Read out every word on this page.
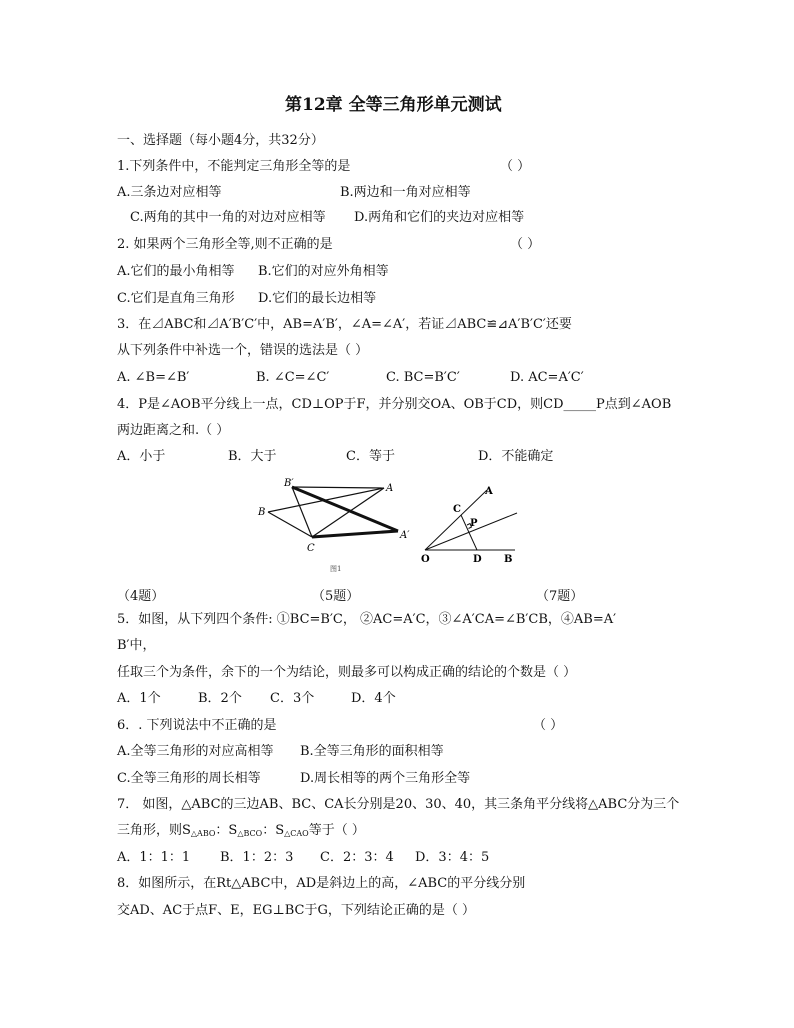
第12章 全等三角形单元测试
一、选择题（每小题4分，共32分）
1.下列条件中，不能判定三角形全等的是	（ ）
A.三条边对应相等	B.两边和一角对应相等
C.两角的其中一角的对边对应相等 D.两角和它们的夹边对应相等
2. 如果两个三角形全等,则不正确的是	（ ）
A.它们的最小角相等 B.它们的对应外角相等
C.它们是直角三角形 D.它们的最长边相等
3．在⊿ABC和⊿A′B′C′中，AB=A′B′，∠A=∠A′，若证⊿ABC≌⊿A′B′C′还要
从下列条件中补选一个，错误的选法是（ ）
A. ∠B=∠B′	B. ∠C=∠C′	C. BC=B′C′	D. AC=A′C′
4．P是∠AOB平分线上一点，CD⊥OP于F，并分别交OA、OB于CD，则CD_____P点到∠AOB
两边距离之和.（ ）
A．小于	B．大于	C．等于	D．不能确定
B′	A
B
C
A′
图1
C
A
P
O	D B
（4题）	（5题）	（7题）
5．如图，从下列四个条件: ①BC=B′C， ②AC=A′C，③∠A′CA=∠B′CB，④AB=A′
B′中，
任取三个为条件，余下的一个为结论，则最多可以构成正确的结论的个数是（ ）
A．1个	B．2个 C．3个	D．4个
6．. 下列说法中不正确的是	（ ）
A.全等三角形的对应高相等 B.全等三角形的面积相等
C.全等三角形的周长相等	D.周长相等的两个三角形全等
7． 如图，△ABC的三边AB、BC、CA长分别是20、30、40，其三条角平分线将△ABC分为三个
三角形，则$S_{\triangle ABO}$：$S_{\triangle BCO}$：$S_{\triangle CAO}$等于（ ）
A．1：1：1 B．1：2：3 C．2：3：4 D．3：4：5
8．如图所示，在Rt△ABC中，AD是斜边上的高，∠ABC的平分线分别
交AD、AC于点F、E，EG⊥BC于G，下列结论正确的是（ ）
